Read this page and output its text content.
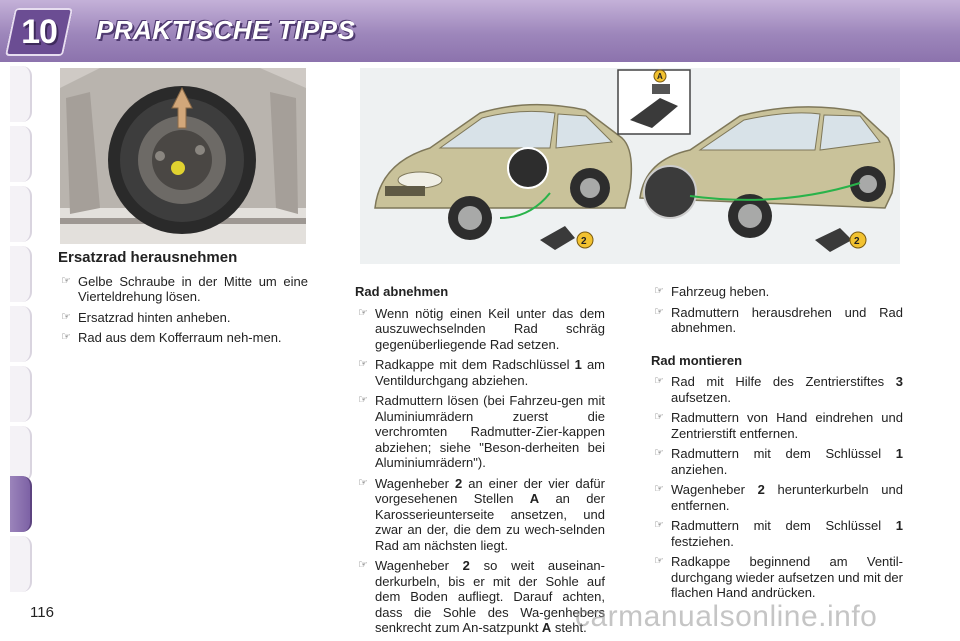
10	PRAKTISCHE TIPPS
2	2
A
Ersatzrad herausnehmen
☞ Gelbe Schraube in der Mitte um eine Vierteldrehung lösen.
☞ Ersatzrad hinten anheben.
☞ Rad aus dem Kofferraum neh-men.
Rad abnehmen
☞ Wenn nötig einen Keil unter das dem auszuwechselnden Rad schräg gegenüberliegende Rad setzen.
☞ Radkappe mit dem Radschlüssel 1 am Ventildurchgang abziehen.
☞ Radmuttern lösen (bei Fahrzeu-gen mit Aluminiumrädern zuerst die verchromten Radmutter-Zier-kappen abziehen; siehe "Beson-derheiten bei Aluminiumrädern").
☞ Wagenheber 2 an einer der vier dafür vorgesehenen Stellen A an der Karosserieunterseite ansetzen, und zwar an der, die dem zu wech-selnden Rad am nächsten liegt.
☞ Wagenheber 2 so weit auseinan-derkurbeln, bis er mit der Sohle auf dem Boden aufliegt. Darauf achten, dass die Sohle des Wa-genhebers senkrecht zum An-satzpunkt A steht.
☞ Fahrzeug heben.
☞ Radmuttern herausdrehen und Rad abnehmen.
Rad montieren
☞ Rad mit Hilfe des Zentrierstiftes 3 aufsetzen.
☞ Radmuttern von Hand eindrehen und Zentrierstift entfernen.
☞ Radmuttern mit dem Schlüssel 1 anziehen.
☞ Wagenheber 2 herunterkurbeln und entfernen.
☞ Radmuttern mit dem Schlüssel 1 festziehen.
☞ Radkappe beginnend am Ventil-durchgang wieder aufsetzen und mit der flachen Hand andrücken.
116	carmanualsonline.info
